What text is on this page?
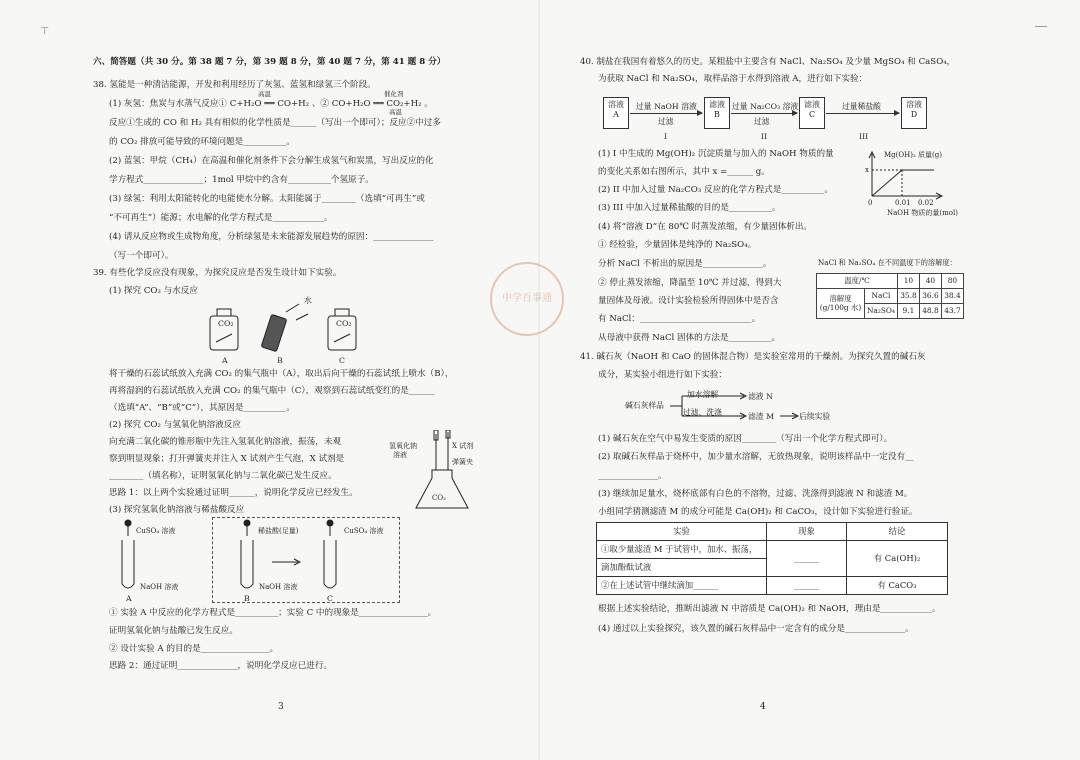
⊤
六、简答题（共 30 分。第 38 题 7 分，第 39 题 8 分，第 40 题 7 分，第 41 题 8 分）
38. 氢能是一种清洁能源，开发和利用经历了灰氢、蓝氢和绿氢三个阶段。
(1) 灰氢：焦炭与水蒸气反应① C+H₂O ══ CO+H₂ 、② CO+H₂O ══ CO₂+H₂ 。
高温	催化剂
高温
反应①生成的 CO 和 H₂ 具有相似的化学性质是______（写出一个即可）；反应②中过多
的 CO₂ 排放可能导致的环境问题是__________。
(2) 蓝氢：甲烷（CH₄）在高温和催化剂条件下会分解生成氢气和炭黑，写出反应的化
学方程式______________；1mol 甲烷中约含有__________个氢原子。
(3) 绿氢：利用太阳能转化的电能使水分解。太阳能属于________（选填“可再生”或
“不可再生”）能源；水电解的化学方程式是____________。
(4) 请从反应物或生成物角度，分析绿氢是未来能源发展趋势的原因：______________
（写一个即可）。
39. 有些化学反应没有现象，为探究反应是否发生设计如下实验。
(1) 探究 CO₂ 与水反应
CO₂
水
CO₂
A	B	C
将干燥的石蕊试纸放入充满 CO₂ 的集气瓶中（A），取出后向干燥的石蕊试纸上喷水（B），
再将湿润的石蕊试纸放入充满 CO₂ 的集气瓶中（C），观察到石蕊试纸变红的是______
（选填“A”、“B”或“C”），其原因是__________。
(2) 探究 CO₂ 与氢氧化钠溶液反应
向充满二氧化碳的锥形瓶中先注入氢氧化钠溶液，振荡，未观
察到明显现象；打开弹簧夹并注入 X 试剂产生气泡，X 试剂是
________（填名称），证明氢氧化钠与二氧化碳已发生反应。
思路 1：以上两个实验通过证明______，说明化学反应已经发生。
(3) 探究氢氧化钠溶液与稀盐酸反应
氢氧化钠
溶液
X 试剂
弹簧夹
CO₂
CuSO₄ 溶液	稀盐酸(足量)	CuSO₄ 溶液
NaOH 溶液	NaOH 溶液
A	B	C
① 实验 A 中反应的化学方程式是__________；实验 C 中的现象是________________。
证明氢氧化钠与盐酸已发生反应。
② 设计实验 A 的目的是________________。
思路 2：通过证明______________，说明化学反应已进行。
3
40. 制盐在我国有着悠久的历史。某粗盐中主要含有 NaCl、Na₂SO₄ 及少量 MgSO₄ 和 CaSO₄，
为获取 NaCl 和 Na₂SO₄，取样品溶于水得到溶液 A，进行如下实验：
溶液
A
滤液
B
滤液
C
溶液
D
过量 NaOH 溶液	过量 Na₂CO₃ 溶液	过量稀盐酸
过滤	过滤
I	II	III
(1) I 中生成的 Mg(OH)₂ 沉淀质量与加入的 NaOH 物质的量
的变化关系如右图所示，其中 x =______ g。
(2) II 中加入过量 Na₂CO₃ 反应的化学方程式是__________。
(3) III 中加入过量稀盐酸的目的是__________。
(4) 将“溶液 D”在 80℃ 时蒸发浓缩，有少量固体析出。
① 经检验，少量固体是纯净的 Na₂SO₄。
分析 NaCl 不析出的原因是______________。
② 停止蒸发浓缩，降温至 10℃ 并过滤，得到大
量固体及母液。设计实验检验所得固体中是否含
有 NaCl：__________________________。
从母液中获得 NaCl 固体的方法是__________。
Mg(OH)₂ 质量(g)
x
0	0.01 0.02
NaOH 物质的量(mol)
NaCl 和 Na₂SO₄ 在不同温度下的溶解度：
温度/℃		10	40	80

溶解度
(g/100g 水)	NaCl	35.8	36.6	38.4
	Na₂SO₄	9.1	48.8	43.7
中学百事通
41. 碱石灰（NaOH 和 CaO 的固体混合物）是实验室常用的干燥剂。为探究久置的碱石灰
成分，某实验小组进行如下实验：
碱石灰样品
加水溶解
过滤、洗涤
滤液 N
滤渣 M	后续实验
(1) 碱石灰在空气中易发生变质的原因________（写出一个化学方程式即可）。
(2) 取碱石灰样品于烧杯中，加少量水溶解，无放热现象，说明该样品中一定没有__
______________。
(3) 继续加足量水，烧杯底部有白色的不溶物，过滤、洗涤得到滤液 N 和滤渣 M。
小组同学猜测滤渣 M 的成分可能是 Ca(OH)₂ 和 CaCO₃，设计如下实验进行验证。
实验	现象	结论
①取少量滤渣 M 于试管中，加水、振荡，	______	有 Ca(OH)₂
滴加酚酞试液		
②在上述试管中继续滴加______	______	有 CaCO₃
根据上述实验结论，推断出滤液 N 中溶质是 Ca(OH)₂ 和 NaOH，理由是____________。
(4) 通过以上实验探究，该久置的碱石灰样品中一定含有的成分是______________。
4
